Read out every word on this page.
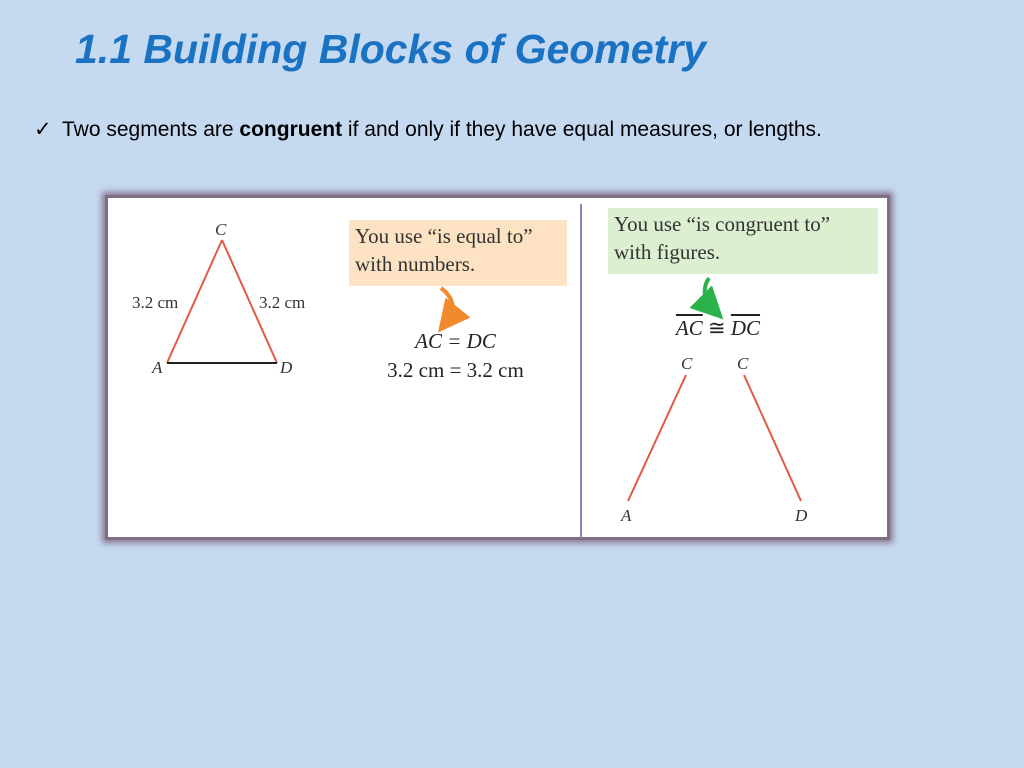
1.1 Building Blocks of Geometry
✓ Two segments are congruent if and only if they have equal measures, or lengths.
C
3.2 cm	3.2 cm
A	D
You use “is equal to”
with numbers.
AC = DC
3.2 cm = 3.2 cm
You use “is congruent to”
with figures.
$\overline{AC}$ ≅ $\overline{DC}$
C	C
A	D
